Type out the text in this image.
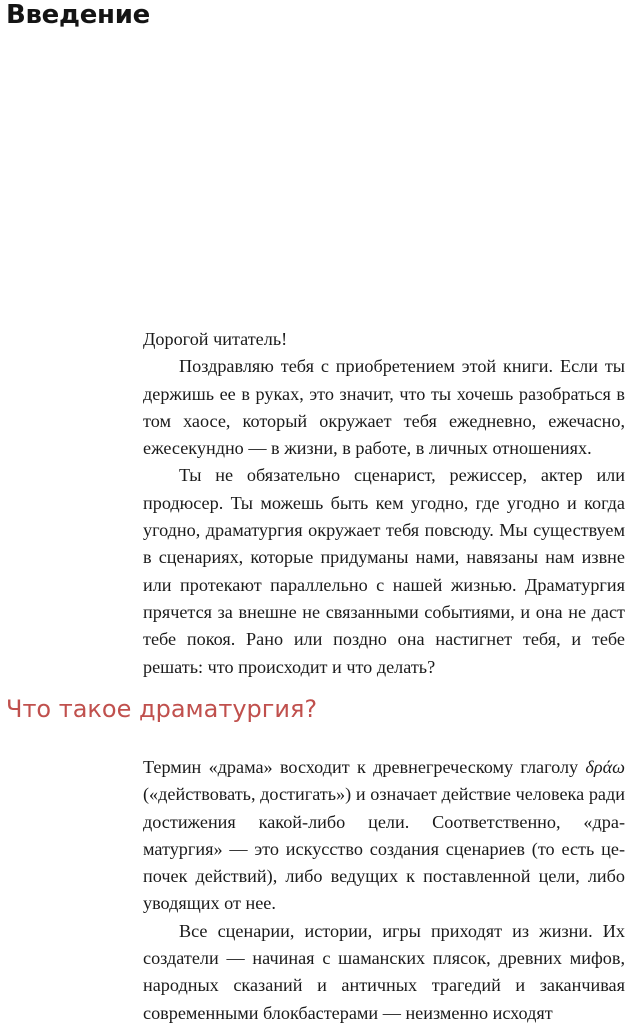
Введение

Дорогой читатель!

Поздравляю тебя с приобретением этой книги. Если ты держишь ее в руках, это значит, что ты хочешь разобраться в том хаосе, который окружает тебя ежедневно, ежечасно, ежесекундно — в жизни, в работе, в личных отношениях.

Ты не обязательно сценарист, режиссер, актер или продюсер. Ты можешь быть кем угодно, где угодно и когда угодно, драматургия окружает тебя повсюду. Мы существуем в сценариях, которые придуманы нами, навязаны нам извне или протекают параллельно с нашей жизнью. Драматургия прячется за внешне не связанными событиями, и она не даст тебе покоя. Рано или поздно она настигнет тебя, и тебе решать: что происходит и что делать?

Что такое драматургия?

Термин «драма» восходит к древнегреческому глаголу δράω («действовать, достигать») и означает действие человека ради достижения какой-либо цели. Соответственно, «драматургия» — это искусство создания сценариев (то есть цепочек действий), либо ведущих к поставленной цели, либо уводящих от нее.

Все сценарии, истории, игры приходят из жизни. Их создатели — начиная с шаманских плясок, древних мифов, народных сказаний и античных трагедий и заканчивая современными блокбастерами — неизменно исходят
